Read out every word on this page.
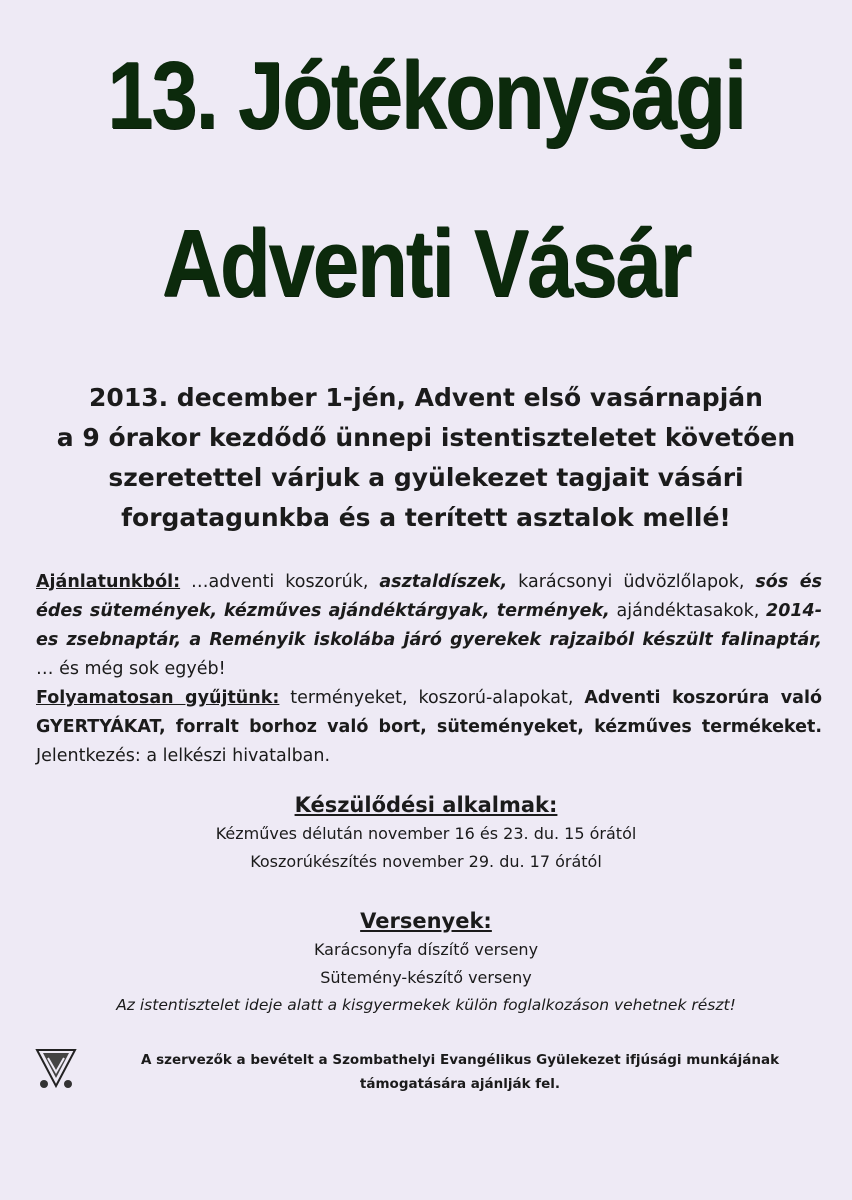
13. Jótékonysági
Adventi Vásár
2013. december 1-jén, Advent első vasárnapján
a 9 órakor kezdődő ünnepi istentiszteletet követően
szeretettel várjuk a gyülekezet tagjait vásári
forgatagunkba és a terített asztalok mellé!
Ajánlatunkból: …adventi koszorúk, asztaldíszek, karácsonyi üdvözlőlapok, sós és édes sütemények, kézműves ajándéktárgyak, termények, ajándéktasakok, 2014-es zsebnaptár, a Reményik iskolába járó gyerekek rajzaiból készült falinaptár, … és még sok egyéb!
Folyamatosan gyűjtünk: terményeket, koszorú-alapokat, Adventi koszorúra való GYERTYÁKAT, forralt borhoz való bort, süteményeket, kézműves termékeket. Jelentkezés: a lelkészi hivatalban.
Készülődési alkalmak:
Kézműves délután november 16 és 23. du. 15 órától
Koszorúkészítés november 29. du. 17 órától
Versenyek:
Karácsonyfa díszítő verseny
Sütemény-készítő verseny
Az istentisztelet ideje alatt a kisgyermekek külön foglalkozáson vehetnek részt!
A szervezők a bevételt a Szombathelyi Evangélikus Gyülekezet ifjúsági munkájának
támogatására ajánlják fel.
